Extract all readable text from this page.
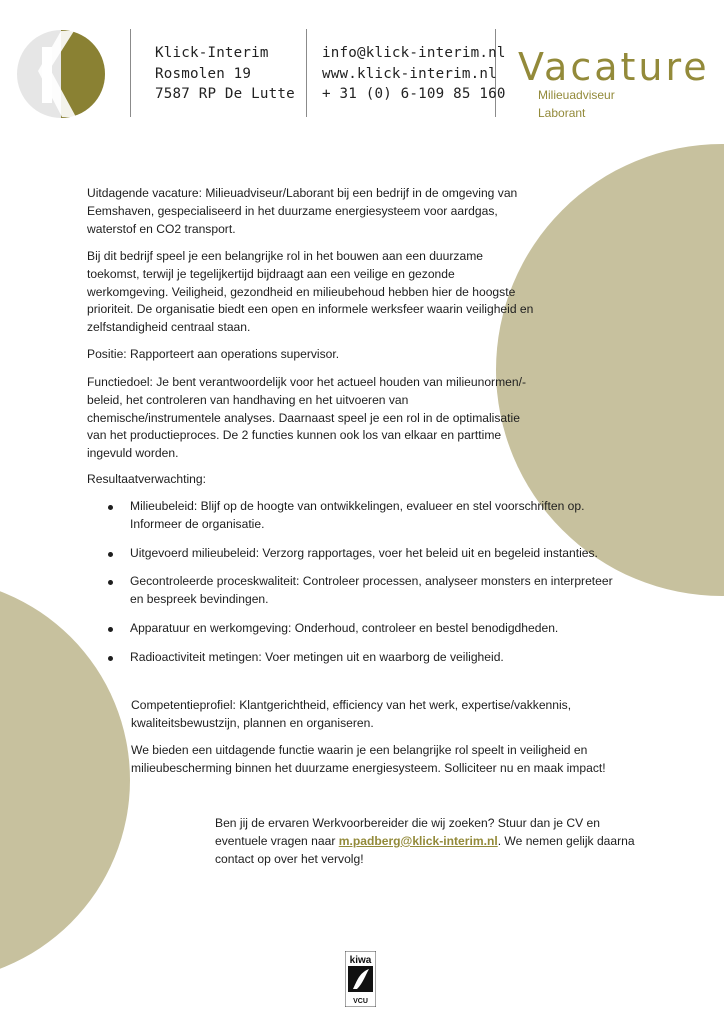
Klick-Interim
Rosmolen 19
7587 RP De Lutte
info@klick-interim.nl
www.klick-interim.nl
+ 31 (0) 6-109 85 160
Vacature
Milieuadviseur
Laborant
Uitdagende vacature: Milieuadviseur/Laborant bij een bedrijf in de omgeving van Eemshaven, gespecialiseerd in het duurzame energiesysteem voor aardgas, waterstof en CO2 transport.
Bij dit bedrijf speel je een belangrijke rol in het bouwen aan een duurzame toekomst, terwijl je tegelijkertijd bijdraagt aan een veilige en gezonde werkomgeving. Veiligheid, gezondheid en milieubehoud hebben hier de hoogste prioriteit. De organisatie biedt een open en informele werksfeer waarin veiligheid en zelfstandigheid centraal staan.
Positie: Rapporteert aan operations supervisor.
Functiedoel: Je bent verantwoordelijk voor het actueel houden van milieunormen/-beleid, het controleren van handhaving en het uitvoeren van chemische/instrumentele analyses. Daarnaast speel je een rol in de optimalisatie van het productieproces. De 2 functies kunnen ook los van elkaar en parttime ingevuld worden.
Resultaatverwachting:
Milieubeleid: Blijf op de hoogte van ontwikkelingen, evalueer en stel voorschriften op. Informeer de organisatie.
Uitgevoerd milieubeleid: Verzorg rapportages, voer het beleid uit en begeleid instanties.
Gecontroleerde proceskwaliteit: Controleer processen, analyseer monsters en interpreteer en bespreek bevindingen.
Apparatuur en werkomgeving: Onderhoud, controleer en bestel benodigdheden.
Radioactiviteit metingen: Voer metingen uit en waarborg de veiligheid.
Competentieprofiel: Klantgerichtheid, efficiency van het werk, expertise/vakkennis, kwaliteitsbewustzijn, plannen en organiseren.
We bieden een uitdagende functie waarin je een belangrijke rol speelt in veiligheid en milieubescherming binnen het duurzame energiesysteem. Solliciteer nu en maak impact!
Ben jij de ervaren Werkvoorbereider die wij zoeken? Stuur dan je CV en eventuele vragen naar m.padberg@klick-interim.nl. We nemen gelijk daarna contact op over het vervolg!
kiwa
VCU
